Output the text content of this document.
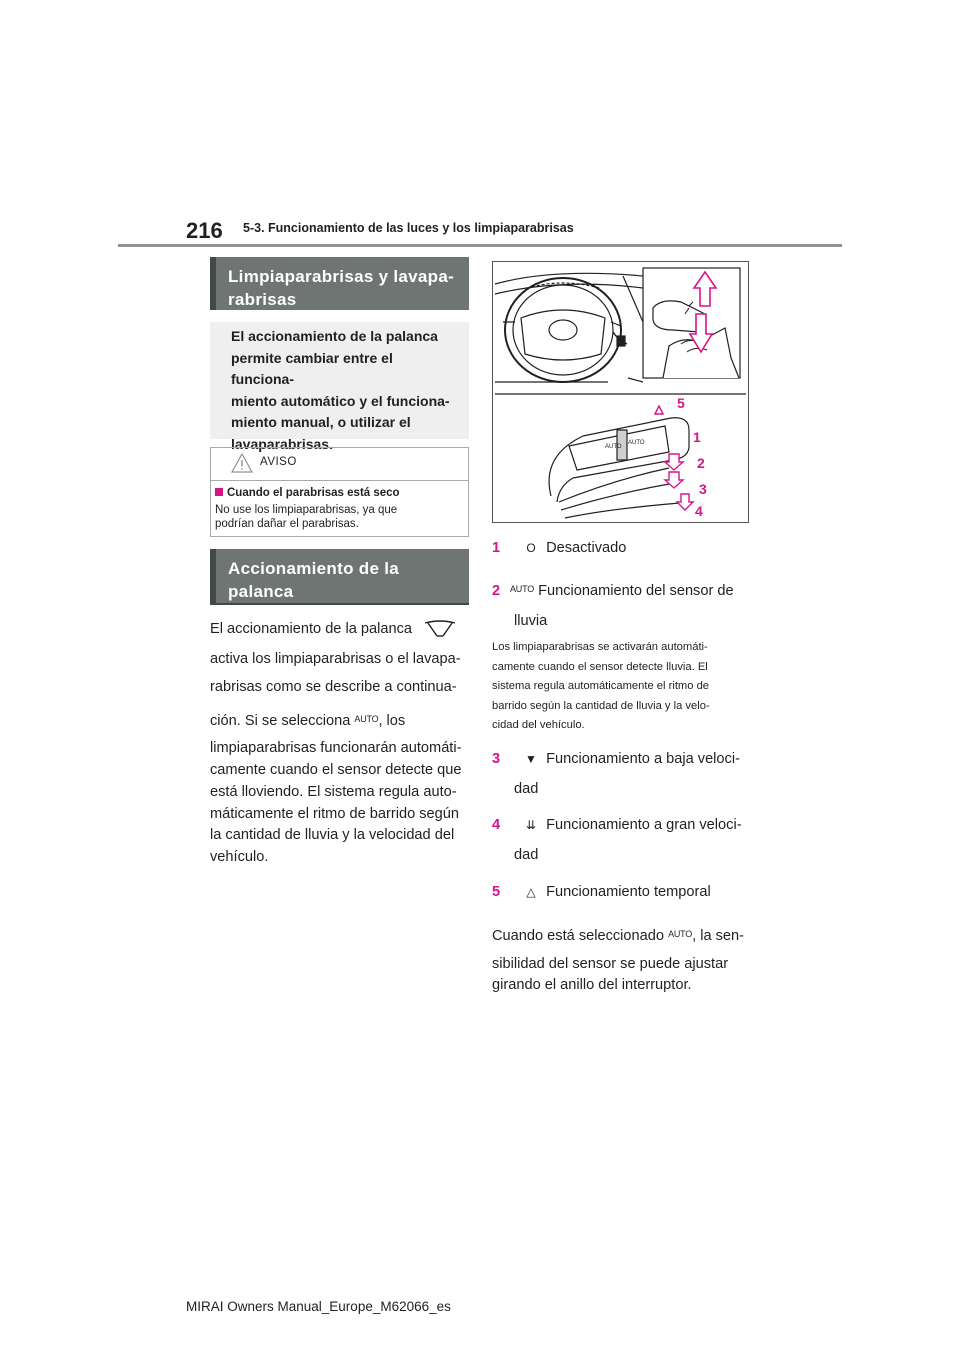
216 5-3. Funcionamiento de las luces y los limpiaparabrisas
Limpiaparabrisas y lavapa-
rabrisas
El accionamiento de la palanca
permite cambiar entre el funciona-
miento automático y el funciona-
miento manual, o utilizar el
lavaparabrisas.
AVISO
Cuando el parabrisas está seco
No use los limpiaparabrisas, ya que
podrían dañar el parabrisas.
Accionamiento de la palanca
del limpiaparabrisas
El accionamiento de la palanca
activa los limpiaparabrisas o el lavapa-
rabrisas como se describe a continua-
ción. Si se selecciona $^{AUTO}$, los
limpiaparabrisas funcionarán automáti-
camente cuando el sensor detecte que
está lloviendo. El sistema regula auto-
máticamente el ritmo de barrido según
la cantidad de lluvia y la velocidad del
vehículo.
AUTO
AUTO
5
1
2
3
4
1 O Desactivado
2 $^{AUTO}$ Funcionamiento del sensor de
lluvia
Los limpiaparabrisas se activarán automáti-
camente cuando el sensor detecte lluvia. El
sistema regula automáticamente el ritmo de
barrido según la cantidad de lluvia y la velo-
cidad del vehículo.
3 ▼ Funcionamiento a baja veloci-
dad
4 ⇊ Funcionamiento a gran veloci-
dad
5 △ Funcionamiento temporal
Cuando está seleccionado $^{AUTO}$, la sen-
sibilidad del sensor se puede ajustar
girando el anillo del interruptor.
MIRAI Owners Manual_Europe_M62066_es
